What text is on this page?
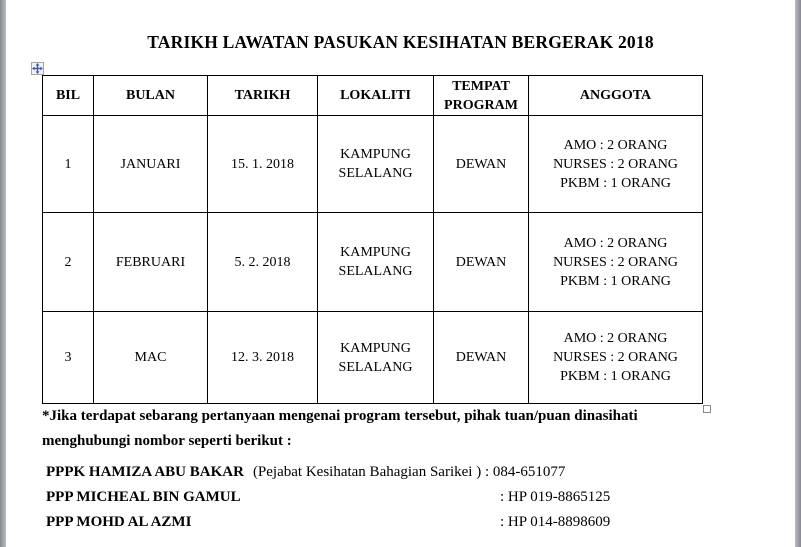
TARIKH LAWATAN PASUKAN KESIHATAN BERGERAK 2018
BIL	BULAN	TARIKH	LOKALITI	TEMPAT PROGRAM	ANGGOTA
1	JANUARI	15. 1. 2018	KAMPUNG SELALANG	DEWAN	AMO : 2 ORANG
NURSES : 2 ORANG
PKBM : 1 ORANG

2	FEBRUARI	5. 2. 2018	KAMPUNG SELALANG	DEWAN	AMO : 2 ORANG
NURSES : 2 ORANG
PKBM : 1 ORANG

3	MAC	12. 3. 2018	KAMPUNG SELALANG	DEWAN	AMO : 2 ORANG
NURSES : 2 ORANG
PKBM : 1 ORANG
*Jika terdapat sebarang pertanyaan mengenai program tersebut, pihak tuan/puan dinasihati
menghubungi nombor seperti berikut :
PPPK HAMIZA ABU BAKAR (Pejabat Kesihatan Bahagian Sarikei ) : 084-651077
PPP MICHEAL BIN GAMUL	: HP 019-8865125
PPP MOHD AL AZMI	: HP 014-8898609
